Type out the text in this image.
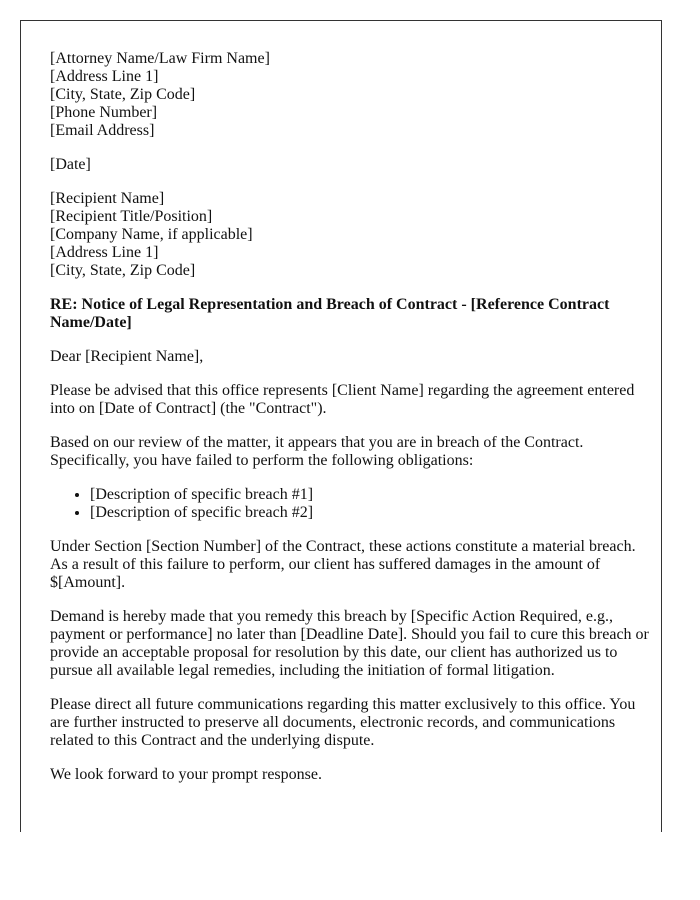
[Attorney Name/Law Firm Name]
[Address Line 1]
[City, State, Zip Code]
[Phone Number]
[Email Address]

[Date]

[Recipient Name]
[Recipient Title/Position]
[Company Name, if applicable]
[Address Line 1]
[City, State, Zip Code]

RE: Notice of Legal Representation and Breach of Contract - [Reference Contract Name/Date]

Dear [Recipient Name],

Please be advised that this office represents [Client Name] regarding the agreement entered into on [Date of Contract] (the "Contract").

Based on our review of the matter, it appears that you are in breach of the Contract. Specifically, you have failed to perform the following obligations:

• [Description of specific breach #1]
• [Description of specific breach #2]

Under Section [Section Number] of the Contract, these actions constitute a material breach. As a result of this failure to perform, our client has suffered damages in the amount of $[Amount].

Demand is hereby made that you remedy this breach by [Specific Action Required, e.g., payment or performance] no later than [Deadline Date]. Should you fail to cure this breach or provide an acceptable proposal for resolution by this date, our client has authorized us to pursue all available legal remedies, including the initiation of formal litigation.

Please direct all future communications regarding this matter exclusively to this office. You are further instructed to preserve all documents, electronic records, and communications related to this Contract and the underlying dispute.

We look forward to your prompt response.
